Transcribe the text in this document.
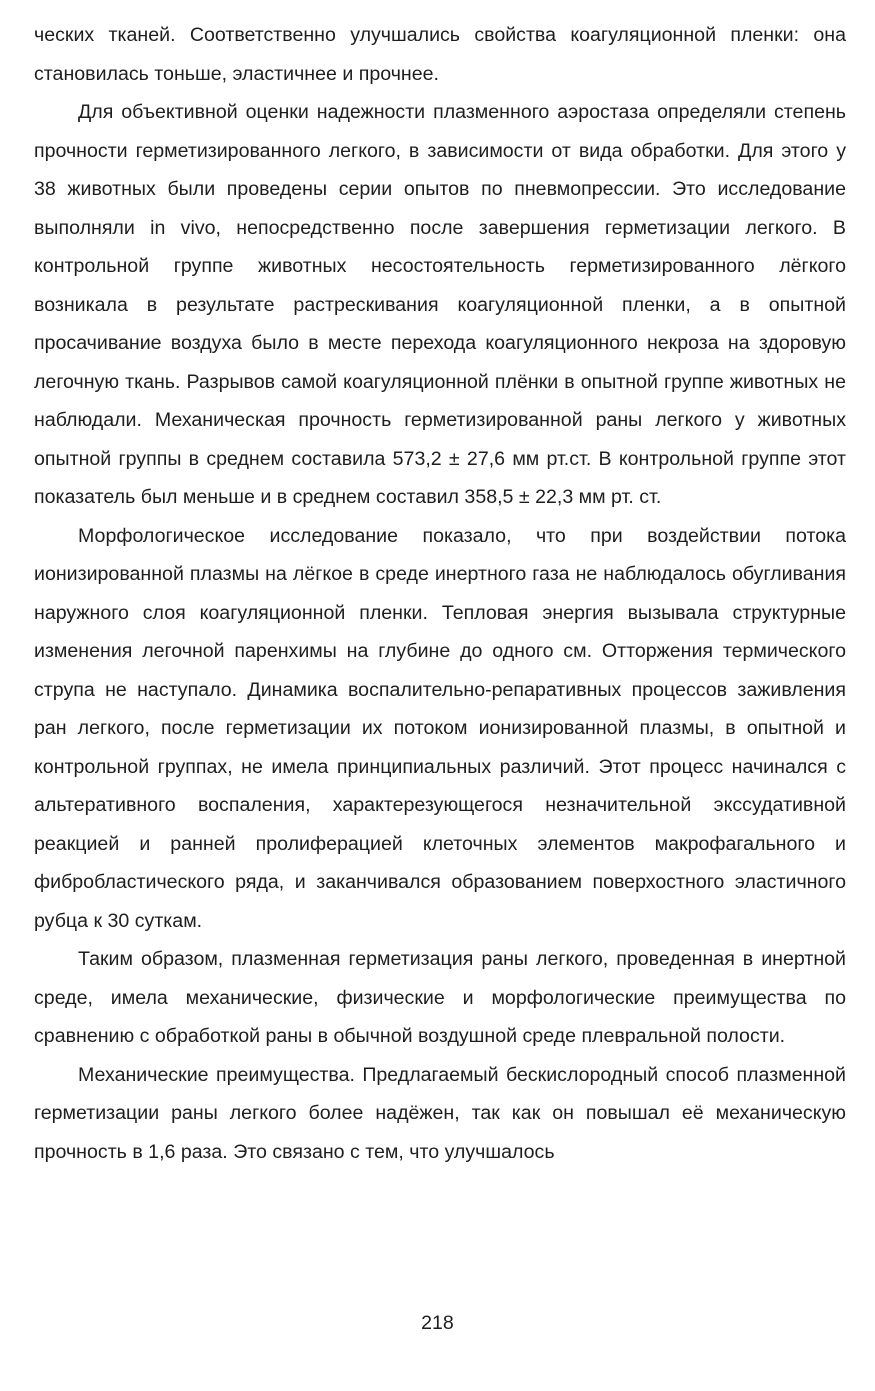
ческих тканей. Соответственно улучшались свойства коагуляционной пленки: она становилась тоньше, эластичнее и прочнее.

Для объективной оценки надежности плазменного аэростаза определяли степень прочности герметизированного легкого, в зависимости от вида обработки. Для этого у 38 животных были проведены серии опытов по пневмопрессии. Это исследование выполняли in vivo, непосредственно после завершения герметизации легкого. В контрольной группе животных несостоятельность герметизированного лёгкого возникала в результате растрескивания коагуляционной пленки, а в опытной просачивание воздуха было в месте перехода коагуляционного некроза на здоровую легочную ткань. Разрывов самой коагуляционной плёнки в опытной группе животных не наблюдали. Механическая прочность герметизированной раны легкого у животных опытной группы в среднем составила 573,2 ± 27,6 мм рт.ст. В контрольной группе этот показатель был меньше и в среднем составил 358,5 ± 22,3 мм рт. ст.

Морфологическое исследование показало, что при воздействии потока ионизированной плазмы на лёгкое в среде инертного газа не наблюдалось обугливания наружного слоя коагуляционной пленки. Тепловая энергия вызывала структурные изменения легочной паренхимы на глубине до одного см. Отторжения термического струпа не наступало. Динамика воспалительно-репаративных процессов заживления ран легкого, после герметизации их потоком ионизированной плазмы, в опытной и контрольной группах, не имела принципиальных различий. Этот процесс начинался с альтеративного воспаления, характерезующегося незначительной экссудативной реакцией и ранней пролиферацией клеточных элементов макрофагального и фибробластического ряда, и заканчивался образованием поверхостного эластичного рубца к 30 суткам.

Таким образом, плазменная герметизация раны легкого, проведенная в инертной среде, имела механические, физические и морфологические преимущества по сравнению с обработкой раны в обычной воздушной среде плевральной полости.

Механические преимущества. Предлагаемый бескислородный способ плазменной герметизации раны легкого более надёжен, так как он повышал её механическую прочность в 1,6 раза. Это связано с тем, что улучшалось

218
